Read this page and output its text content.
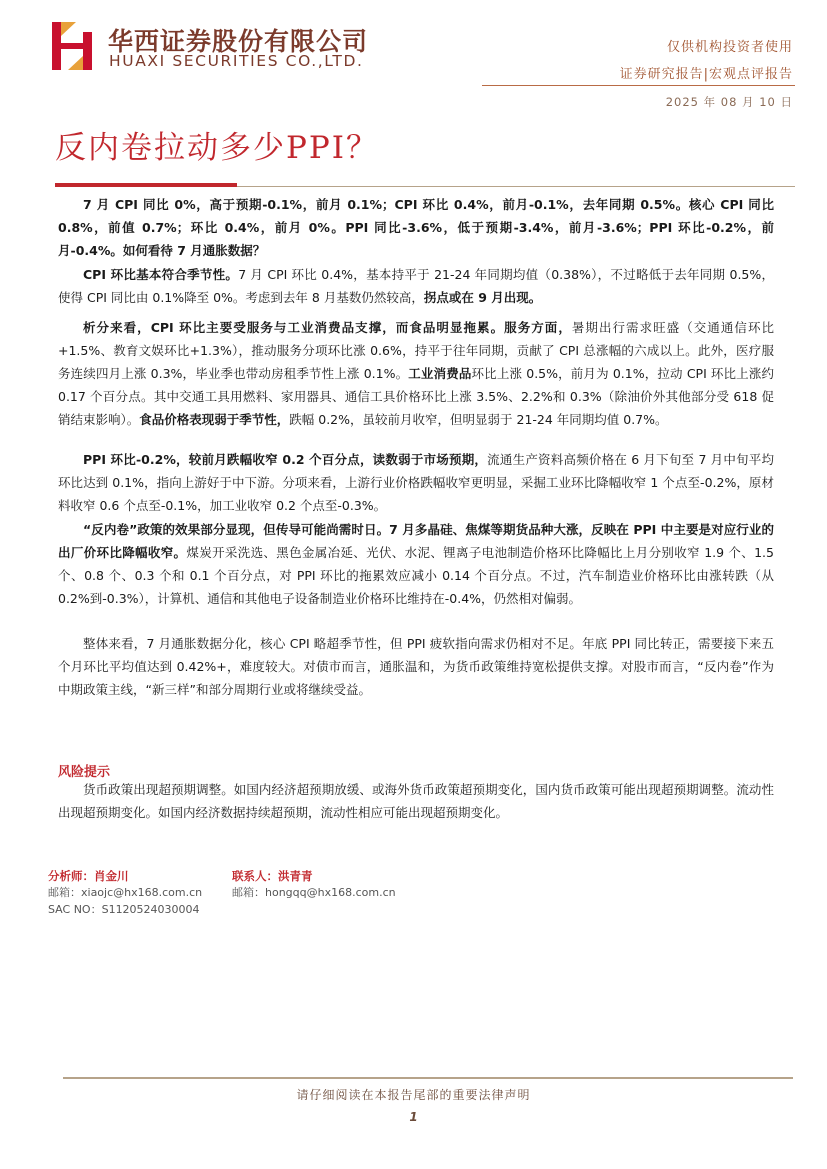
华西证券股份有限公司
HUAXI SECURITIES CO.,LTD.
仅供机构投资者使用
证券研究报告|宏观点评报告
2025 年 08 月 10 日
反内卷拉动多少PPI？

7 月 CPI 同比 0%，高于预期-0.1%，前月 0.1%；CPI 环比 0.4%，前月-0.1%，去年同期 0.5%。核心 CPI 同比 0.8%，前值 0.7%；环比 0.4%，前月 0%。PPI 同比-3.6%，低于预期-3.4%，前月-3.6%；PPI 环比-0.2%，前月-0.4%。如何看待 7 月通胀数据？

CPI 环比基本符合季节性。7 月 CPI 环比 0.4%，基本持平于 21-24 年同期均值（0.38%），不过略低于去年同期 0.5%，使得 CPI 同比由 0.1%降至 0%。考虑到去年 8 月基数仍然较高，拐点或在 9 月出现。

析分来看，CPI 环比主要受服务与工业消费品支撑，而食品明显拖累。服务方面，暑期出行需求旺盛（交通通信环比+1.5%、教育文娱环比+1.3%），推动服务分项环比涨 0.6%，持平于往年同期，贡献了 CPI 总涨幅的六成以上。此外，医疗服务连续四月上涨 0.3%，毕业季也带动房租季节性上涨 0.1%。工业消费品环比上涨 0.5%，前月为 0.1%，拉动 CPI 环比上涨约 0.17 个百分点。其中交通工具用燃料、家用器具、通信工具价格环比上涨 3.5%、2.2%和 0.3%（除油价外其他部分受 618 促销结束影响）。食品价格表现弱于季节性，跌幅 0.2%，虽较前月收窄，但明显弱于 21-24 年同期均值 0.7%。

PPI 环比-0.2%，较前月跌幅收窄 0.2 个百分点，读数弱于市场预期，流通生产资料高频价格在 6 月下旬至 7 月中旬平均环比达到 0.1%，指向上游好于中下游。分项来看，上游行业价格跌幅收窄更明显，采掘工业环比降幅收窄 1 个点至-0.2%，原材料收窄 0.6 个点至-0.1%，加工业收窄 0.2 个点至-0.3%。

“反内卷”政策的效果部分显现，但传导可能尚需时日。7 月多晶硅、焦煤等期货品种大涨，反映在 PPI 中主要是对应行业的出厂价环比降幅收窄。煤炭开采洗选、黑色金属冶延、光伏、水泥、锂离子电池制造价格环比降幅比上月分别收窄 1.9 个、1.5 个、0.8 个、0.3 个和 0.1 个百分点，对 PPI 环比的拖累效应减小 0.14 个百分点。不过，汽车制造业价格环比由涨转跌（从 0.2%到-0.3%），计算机、通信和其他电子设备制造业价格环比维持在-0.4%，仍然相对偏弱。

整体来看，7 月通胀数据分化，核心 CPI 略超季节性，但 PPI 疲软指向需求仍相对不足。年底 PPI 同比转正，需要接下来五个月环比平均值达到 0.42%+，难度较大。对债市而言，通胀温和，为货币政策维持宽松提供支撑。对股市而言，“反内卷”作为中期政策主线，“新三样”和部分周期行业或将继续受益。

风险提示

货币政策出现超预期调整。如国内经济超预期放缓、或海外货币政策超预期变化，国内货币政策可能出现超预期调整。流动性出现超预期变化。如国内经济数据持续超预期，流动性相应可能出现超预期变化。

分析师：肖金川
邮箱：xiaojc@hx168.com.cn
SAC NO：S1120524030004
联系人：洪青青
邮箱：hongqq@hx168.com.cn
请仔细阅读在本报告尾部的重要法律声明
1
